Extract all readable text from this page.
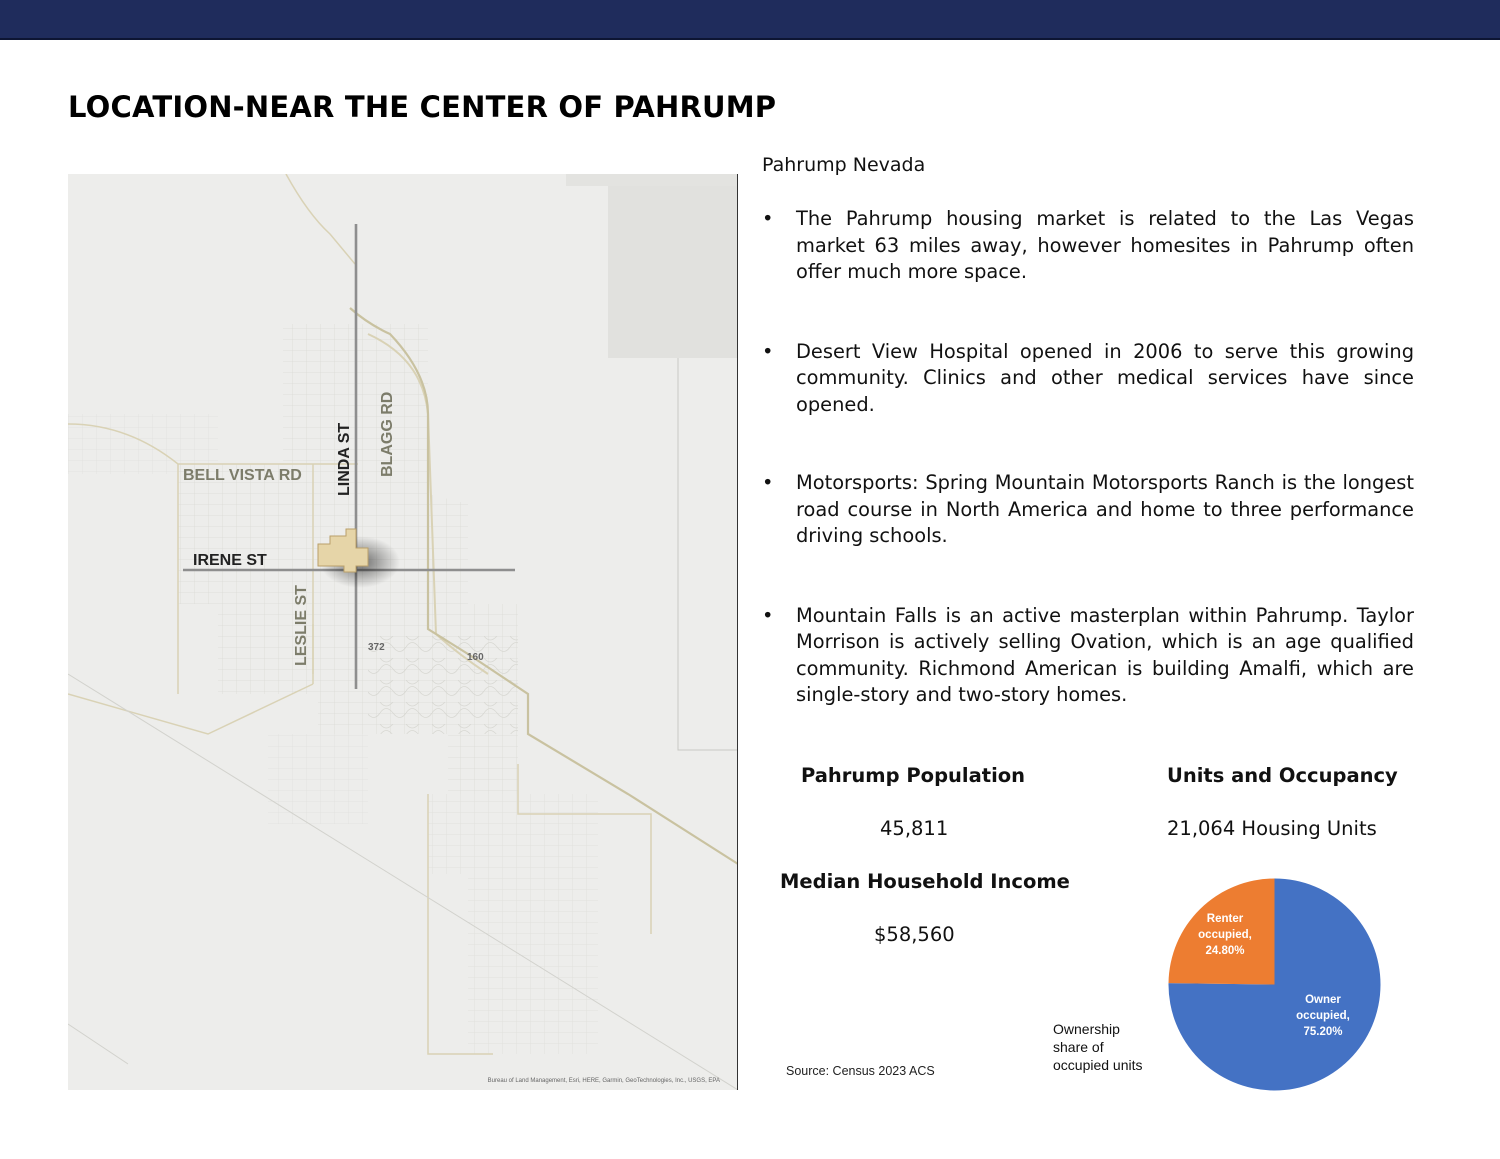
LOCATION-NEAR THE CENTER OF PAHRUMP
BELL VISTA RD
IRENE ST
LINDA ST BLAGG RD
LESLIE ST	372
160
Bureau of Land Management, Esri, HERE, Garmin, GeoTechnologies, Inc., USGS, EPA
Pahrump Nevada
• The Pahrump housing market is related to the Las Vegas market 63 miles away, however homesites in Pahrump often offer much more space.
• Desert View Hospital opened in 2006 to serve this growing community. Clinics and other medical services have since opened.
• Motorsports: Spring Mountain Motorsports Ranch is the longest road course in North America and home to three performance driving schools.
• Mountain Falls is an active masterplan within Pahrump. Taylor Morrison is actively selling Ovation, which is an age qualified community. Richmond American is building Amalfi, which are single-story and two-story homes.
Pahrump Population
45,811
Units and Occupancy
21,064 Housing Units
Median Household Income
$58,560
Source: Census 2023 ACS
Ownership
share of
occupied units
Owner occupied,
75.20%
Renter occupied,
24.80%
